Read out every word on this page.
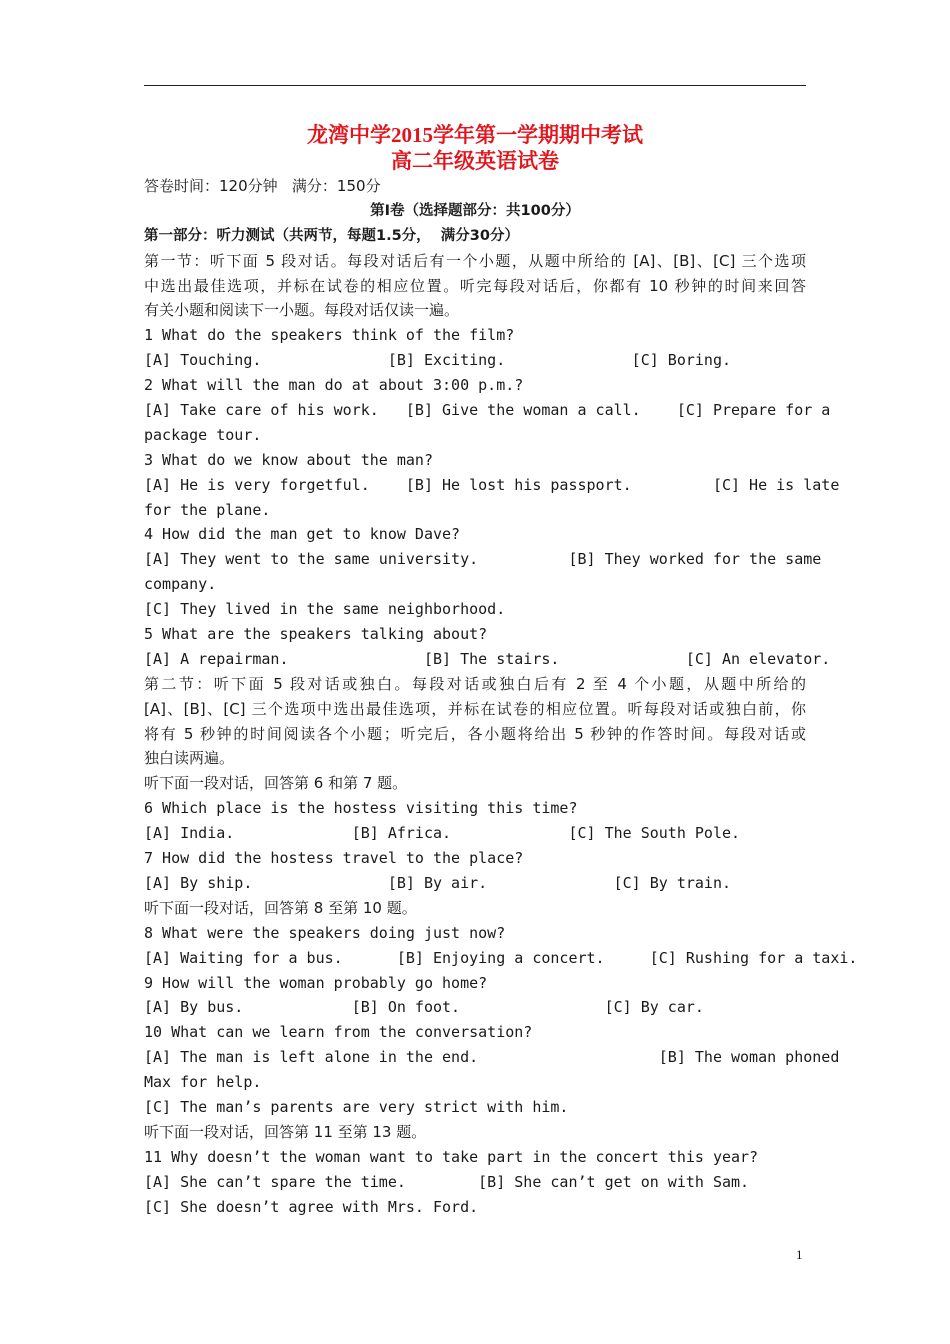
龙湾中学2015学年第一学期期中考试
高二年级英语试卷
答卷时间：120分钟   满分：150分
第Ⅰ卷（选择题部分：共100分）
第一部分：听力测试（共两节，每题1.5分，  满分30分）
第一节：听下面 5 段对话。每段对话后有一个小题，从题中所给的 [A]、[B]、[C] 三个选项
中选出最佳选项，并标在试卷的相应位置。听完每段对话后，你都有 10 秒钟的时间来回答
有关小题和阅读下一小题。每段对话仅读一遍。
1 What do the speakers think of the film?
[A] Touching.              [B] Exciting.              [C] Boring.
2 What will the man do at about 3:00 p.m.?
[A] Take care of his work.   [B] Give the woman a call.    [C] Prepare for a
package tour.
3 What do we know about the man?
[A] He is very forgetful.    [B] He lost his passport.         [C] He is late
for the plane.
4 How did the man get to know Dave?
[A] They went to the same university.          [B] They worked for the same
company.
[C] They lived in the same neighborhood.
5 What are the speakers talking about?
[A] A repairman.               [B] The stairs.              [C] An elevator.
第二节：听下面 5 段对话或独白。每段对话或独白后有 2 至 4 个小题，从题中所给的
[A]、[B]、[C] 三个选项中选出最佳选项，并标在试卷的相应位置。听每段对话或独白前，你
将有 5 秒钟的时间阅读各个小题；听完后，各小题将给出 5 秒钟的作答时间。每段对话或
独白读两遍。
听下面一段对话，回答第 6 和第 7 题。
6 Which place is the hostess visiting this time?
[A] India.             [B] Africa.             [C] The South Pole.
7 How did the hostess travel to the place?
[A] By ship.               [B] By air.              [C] By train.
听下面一段对话，回答第 8 至第 10 题。
8 What were the speakers doing just now?
[A] Waiting for a bus.      [B] Enjoying a concert.     [C] Rushing for a taxi.
9 How will the woman probably go home?
[A] By bus.            [B] On foot.                [C] By car.
10 What can we learn from the conversation?
[A] The man is left alone in the end.                    [B] The woman phoned
Max for help.
[C] The man’s parents are very strict with him.
听下面一段对话，回答第 11 至第 13 题。
11 Why doesn’t the woman want to take part in the concert this year?
[A] She can’t spare the time.        [B] She can’t get on with Sam.
[C] She doesn’t agree with Mrs. Ford.
1
